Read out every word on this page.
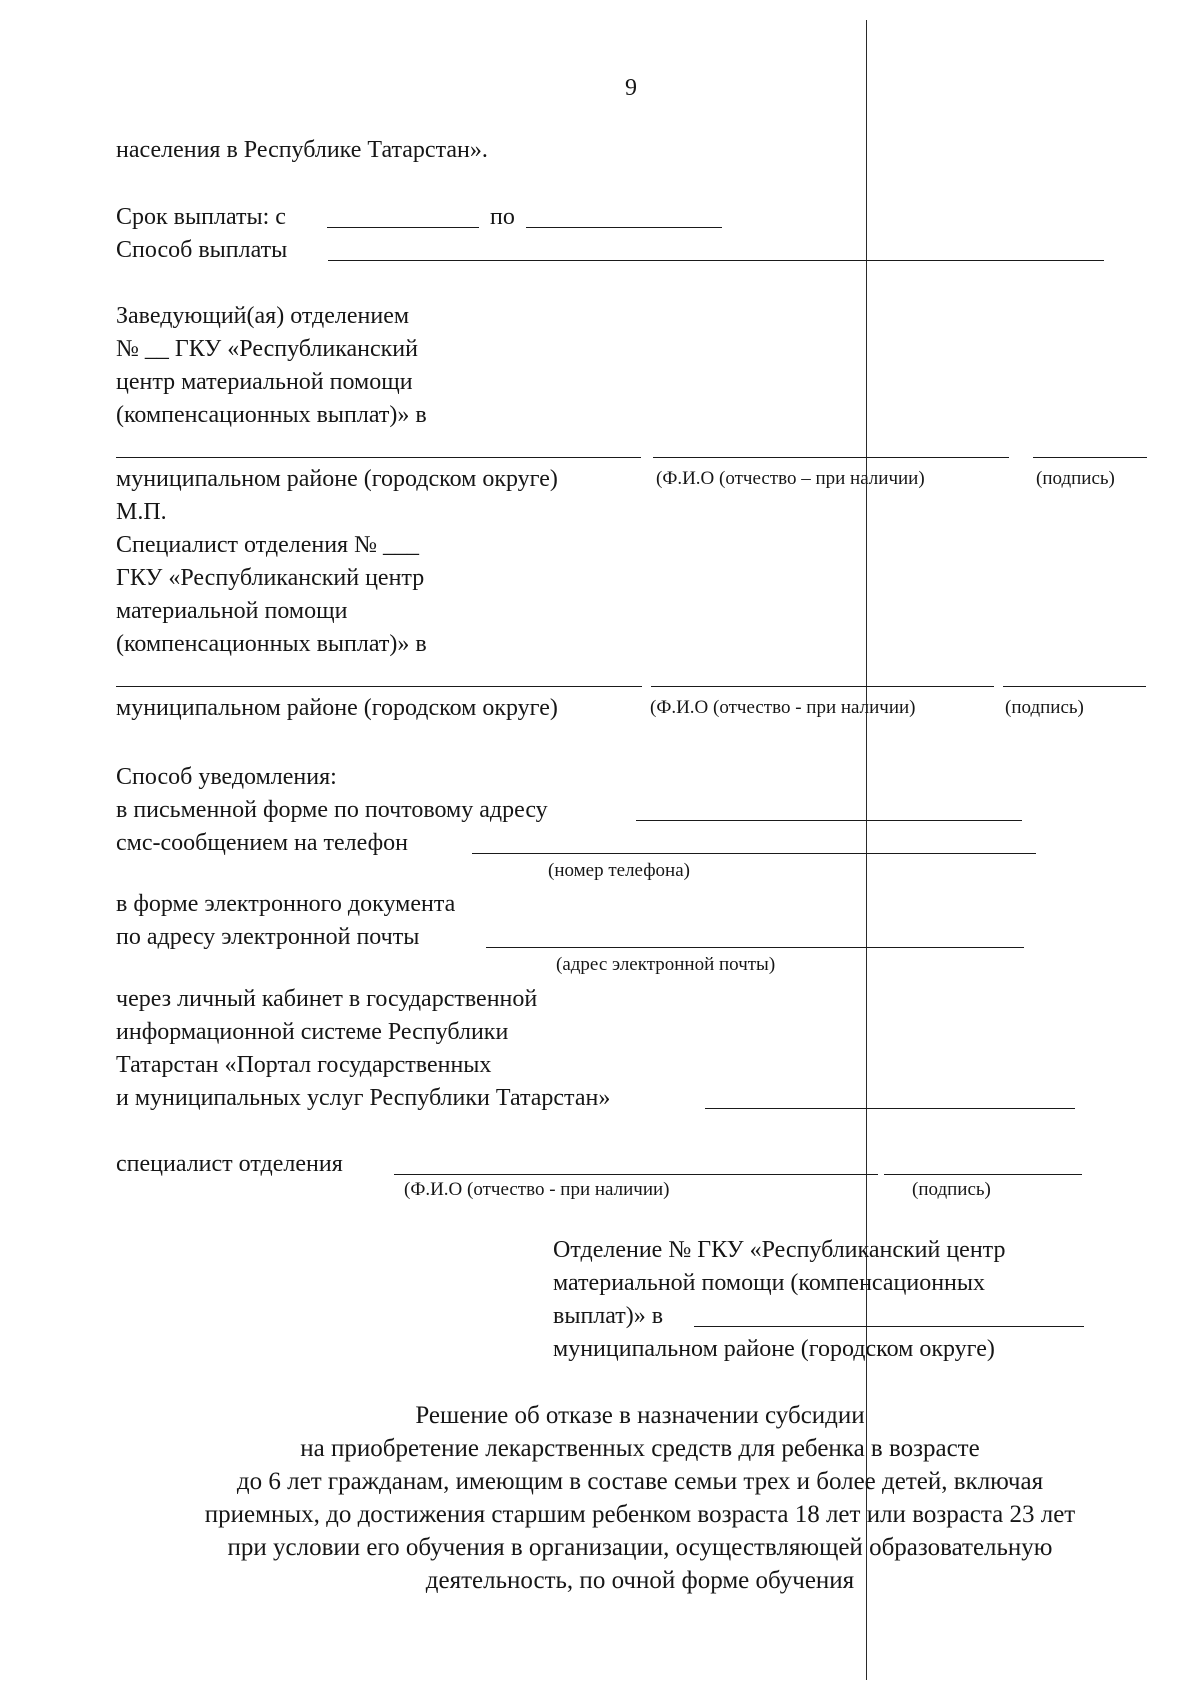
9
населения в Республике Татарстан».
Срок выплаты: с	по
Способ выплаты
Заведующий(ая) отделением
№ __ ГКУ «Республиканский
центр материальной помощи
(компенсационных выплат)» в
муниципальном районе (городском округе)	(Ф.И.О (отчество – при наличии)	(подпись)
М.П.
Специалист отделения № ___
ГКУ «Республиканский центр
материальной помощи
(компенсационных выплат)» в
муниципальном районе (городском округе)	(Ф.И.О (отчество - при наличии)	(подпись)
Способ уведомления:
в письменной форме по почтовому адресу
смс-сообщением на телефон
(номер телефона)
в форме электронного документа
по адресу электронной почты
(адрес электронной почты)
через личный кабинет в государственной
информационной системе Республики
Татарстан «Портал государственных
и муниципальных услуг Республики Татарстан»
специалист отделения
(Ф.И.О (отчество - при наличии)	(подпись)
Отделение № ГКУ «Республиканский центр
материальной помощи (компенсационных
выплат)» в
муниципальном районе (городском округе)
Решение об отказе в назначении субсидии
на приобретение лекарственных средств для ребенка в возрасте
до 6 лет гражданам, имеющим в составе семьи трех и более детей, включая
приемных, до достижения старшим ребенком возраста 18 лет или возраста 23 лет
при условии его обучения в организации, осуществляющей образовательную
деятельность, по очной форме обучения
